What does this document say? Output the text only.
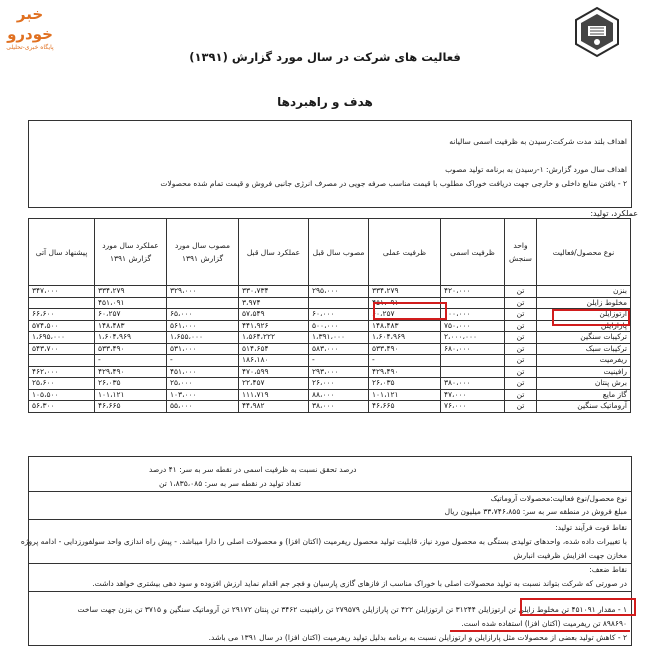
خبر خودرو
پایگاه خبری-تحلیلی
فعالیت های شرکت در سال مورد گزارش (۱۳۹۱)
هدف و راهبردها
اهداف بلند مدت شرکت:رسیدن به ظرفیت اسمی سالیانه
اهداف سال مورد گزارش: ۱-رسیدن به برنامه تولید مصوب
۲ - یافتن منابع داخلی و خارجی جهت دریافت خوراک مطلوب با قیمت مناسب صرفه جویی در مصرف انرژی جانبی فروش و قیمت تمام شده محصولات
عملکرد، تولید:
نوع محصول/فعالیت	واحد سنجش	ظرفیت اسمی	ظرفیت عملی	مصوب سال قبل	عملکرد سال قبل	مصوب سال مورد گزارش ۱۳۹۱	عملکرد سال مورد گزارش ۱۳۹۱	پیشنهاد سال آتی
بنزن	تن	۴۲۰،۰۰۰	۳۳۴،۲۷۹	۲۹۵،۰۰۰	۳۳۰،۷۳۴	۳۲۹،۰۰۰	۳۳۴،۲۷۹	۳۴۷،۰۰۰
مخلوط زایلن	تن		۴۵۱،۰۹۱		۳،۹۷۴		۴۵۱،۰۹۱	
ارتوزایلن	تن	۱۰۰،۰۰۰	۶۰،۲۵۷	۶۰،۰۰۰	۵۷،۵۴۹	۶۵،۰۰۰	۶۰،۲۵۷	۶۶،۶۰۰
پارازایلن	تن	۷۵۰،۰۰۰	۱۴۸،۴۸۳	۵۰۰،۰۰۰	۴۴۱،۹۲۶	۵۶۱،۰۰۰	۱۴۸،۴۸۳	۵۷۴،۵۰۰
ترکیبات سنگین	تن	۲،۰۰۰،۰۰۰	۱،۶۰۴،۹۶۹	۱،۳۹۱،۰۰۰	۱،۵۶۴،۲۲۲	۱،۶۵۵،۰۰۰	۱،۶۰۴،۹۶۹	۱،۶۹۵،۰۰۰
ترکیبات سبک	تن	۶۸۰،۰۰۰	۵۳۳،۴۹۰	۵۸۳،۰۰۰	۵۱۴،۶۵۴	۵۳۱،۰۰۰	۵۳۳،۴۹۰	۵۴۳،۷۰۰
ریفرمیت	تن		-	-	۱۸۶،۱۸۰	-	-	
رافینیت	تن		۴۲۹،۴۹۰	۲۹۳،۰۰۰	۴۷۰،۵۹۹	۴۵۱،۰۰۰	۴۲۹،۴۹۰	۴۶۲،۰۰۰
برش پنتان	تن	۳۸۰،۰۰۰	۲۶،۰۳۵	۲۶،۰۰۰	۲۲،۴۵۷	۲۵،۰۰۰	۲۶،۰۳۵	۲۵،۶۰۰
گاز مایع	تن	۴۷،۰۰۰	۱۰۱،۱۲۱	۸۸،۰۰۰	۱۱۱،۷۱۹	۱۰۳،۰۰۰	۱۰۱،۱۲۱	۱۰۵،۵۰۰
آروماتیک سنگین	تن	۷۶،۰۰۰	۴۶،۶۶۵	۳۸،۰۰۰	۴۴،۹۸۲	۵۵،۰۰۰	۴۶،۶۶۵	۵۶،۳۰۰
درصد تحقق نسبت به ظرفیت اسمی در نقطه سر به سر: ۴۱ درصد
تعداد تولید در نقطه سر به سر: ۱،۸۳۵،۰۸۵ تن
نوع محصول/نوع فعالیت:محصولات آروماتیک
مبلغ فروش در منطقه سر به سر: ۳۳،۷۴۶،۸۵۵ میلیون ریال
نقاط قوت فرآیند تولید:
با تغییرات داده شده، واحدهای تولیدی بستگی به محصول مورد نیاز، قابلیت تولید محصول ریفرمیت (اکتان افزا) و محصولات اصلی را دارا میباشد. - پیش راه اندازی واحد سولفورزدایی - ادامه پروژه
مخازن جهت افزایش ظرفیت انبارش
نقاط ضعف:
در صورتی که شرکت بتواند نسبت به تولید محصولات اصلی با خوراک مناسب از فازهای گازی پارسیان و فجر جم اقدام نماید ارزش افزوده و سود دهی بیشتری خواهد داشت.
۱ - مقدار ۴۵۱۰۹۱ تن مخلوط زایلن تن ارتوزایلن ۳۱۲۴۴ تن ارتوزایلن ۴۲۲ تن پارازایلن ۲۷۹۵۷۹ تن رافینیت ۳۴۶۲ تن پنتان ۲۹۱۷۲ تن آروماتیک سنگین و ۳۷۱۵ تن بنزن جهت ساخت
۸۹۸۶۹۰ تن ریفرمیت (اکتان افزا) استفاده شده است.
۲ - کاهش تولید بعضی از محصولات مثل پارازایلن و ارتوزایلن نسبت به برنامه بدلیل تولید ریفرمیت (اکتان افزا) در سال ۱۳۹۱ می باشد.
